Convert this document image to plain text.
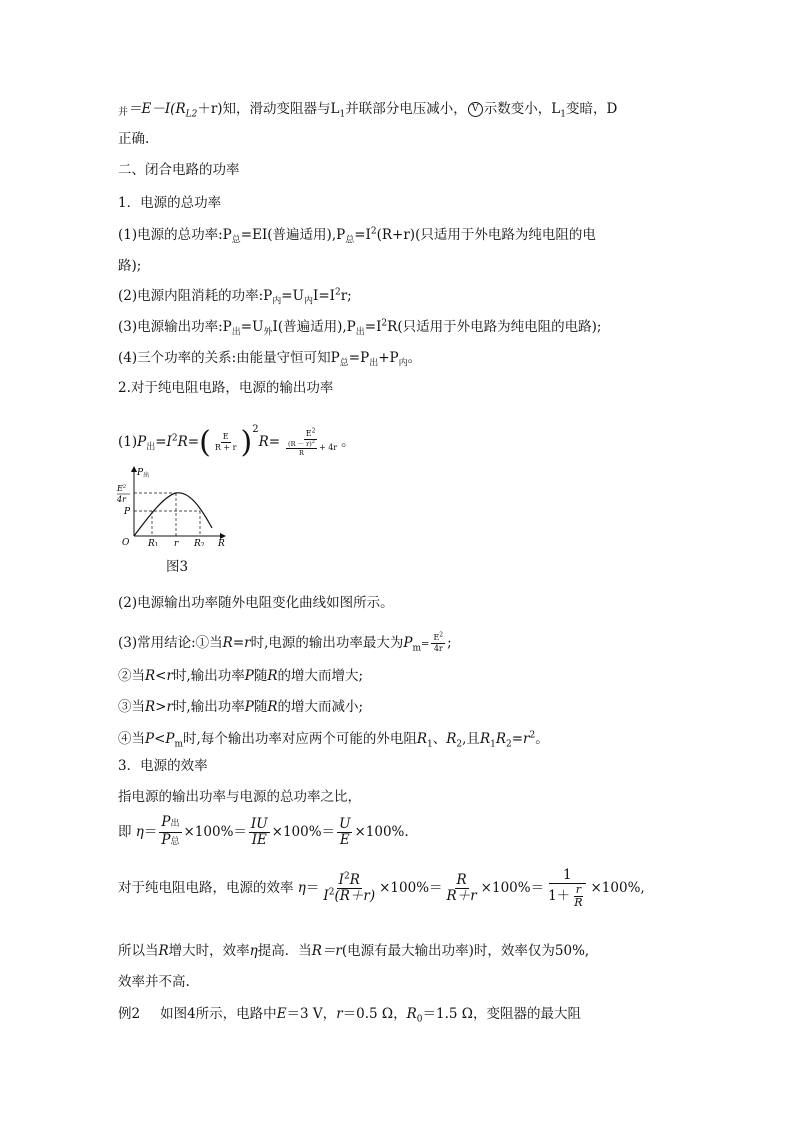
并$=E-I(R_{L2}+r)$知，滑动变阻器与$L_1$并联部分电压减小， V 示数变小，$L_1$变暗，D
正确.
二、闭合电路的功率
1．电源的总功率
(1)电源的总功率$:P_总=EI$(普遍适用)$,P_总=I^2(R+r)$(只适用于外电路为纯电阻的电
路);
(2)电源内阻消耗的功率$:P_内=U_内I=I^2r$;
(3)电源输出功率$:P_出=U_外I$(普遍适用)$,P_出=I^2R$(只适用于外电路为纯电阻的电路);
(4)三个功率的关系:由能量守恒可知$P_总=P_出+P_内$。
2.对于纯电阻电路，电源的输出功率
$(1)P_出=I^2R=( \frac{E}{R + r} )^2R= \frac{E^2}{\frac{(R - r)^2}{R} + 4r}$ 。
$P_出$
$E^2$
4r
P
O R1 r R2 R
图3
(2)电源输出功率随外电阻变化曲线如图所示。
(3)常用结论:①当R=r时,电源的输出功率最大为$P_m= \frac{E^2}{4r}$ ;
②当R<r时,输出功率P随R的增大而增大;
③当R>r时,输出功率P随R的增大而减小;
④当$P<P_m$时,每个输出功率对应两个可能的外电阻$R_1$、$R_2$,且$R_1R_2=r^2$。
3．电源的效率
指电源的输出功率与电源的总功率之比，
即 $\eta= \frac{\text{P出}}{\text{P总}} \times 100\%= \frac{IU}{IE} \times 100\%= \frac{U}{E} \times 100\%$.
对于纯电阻电路，电源的效率 $\eta= \frac{I^2R}{I^2(R+r)} \times 100\%= \frac{R}{R+r} \times 100\%= \frac{1}{1+ \frac{r}{R}} \times 100\%$,
所以当R增大时，效率η提高．当R＝r(电源有最大输出功率)时，效率仅为50%,
效率并不高.
例2 如图4所示，电路中E＝3 V，r＝0.5 Ω，$R_0=1.5$ Ω，变阻器的最大阻
